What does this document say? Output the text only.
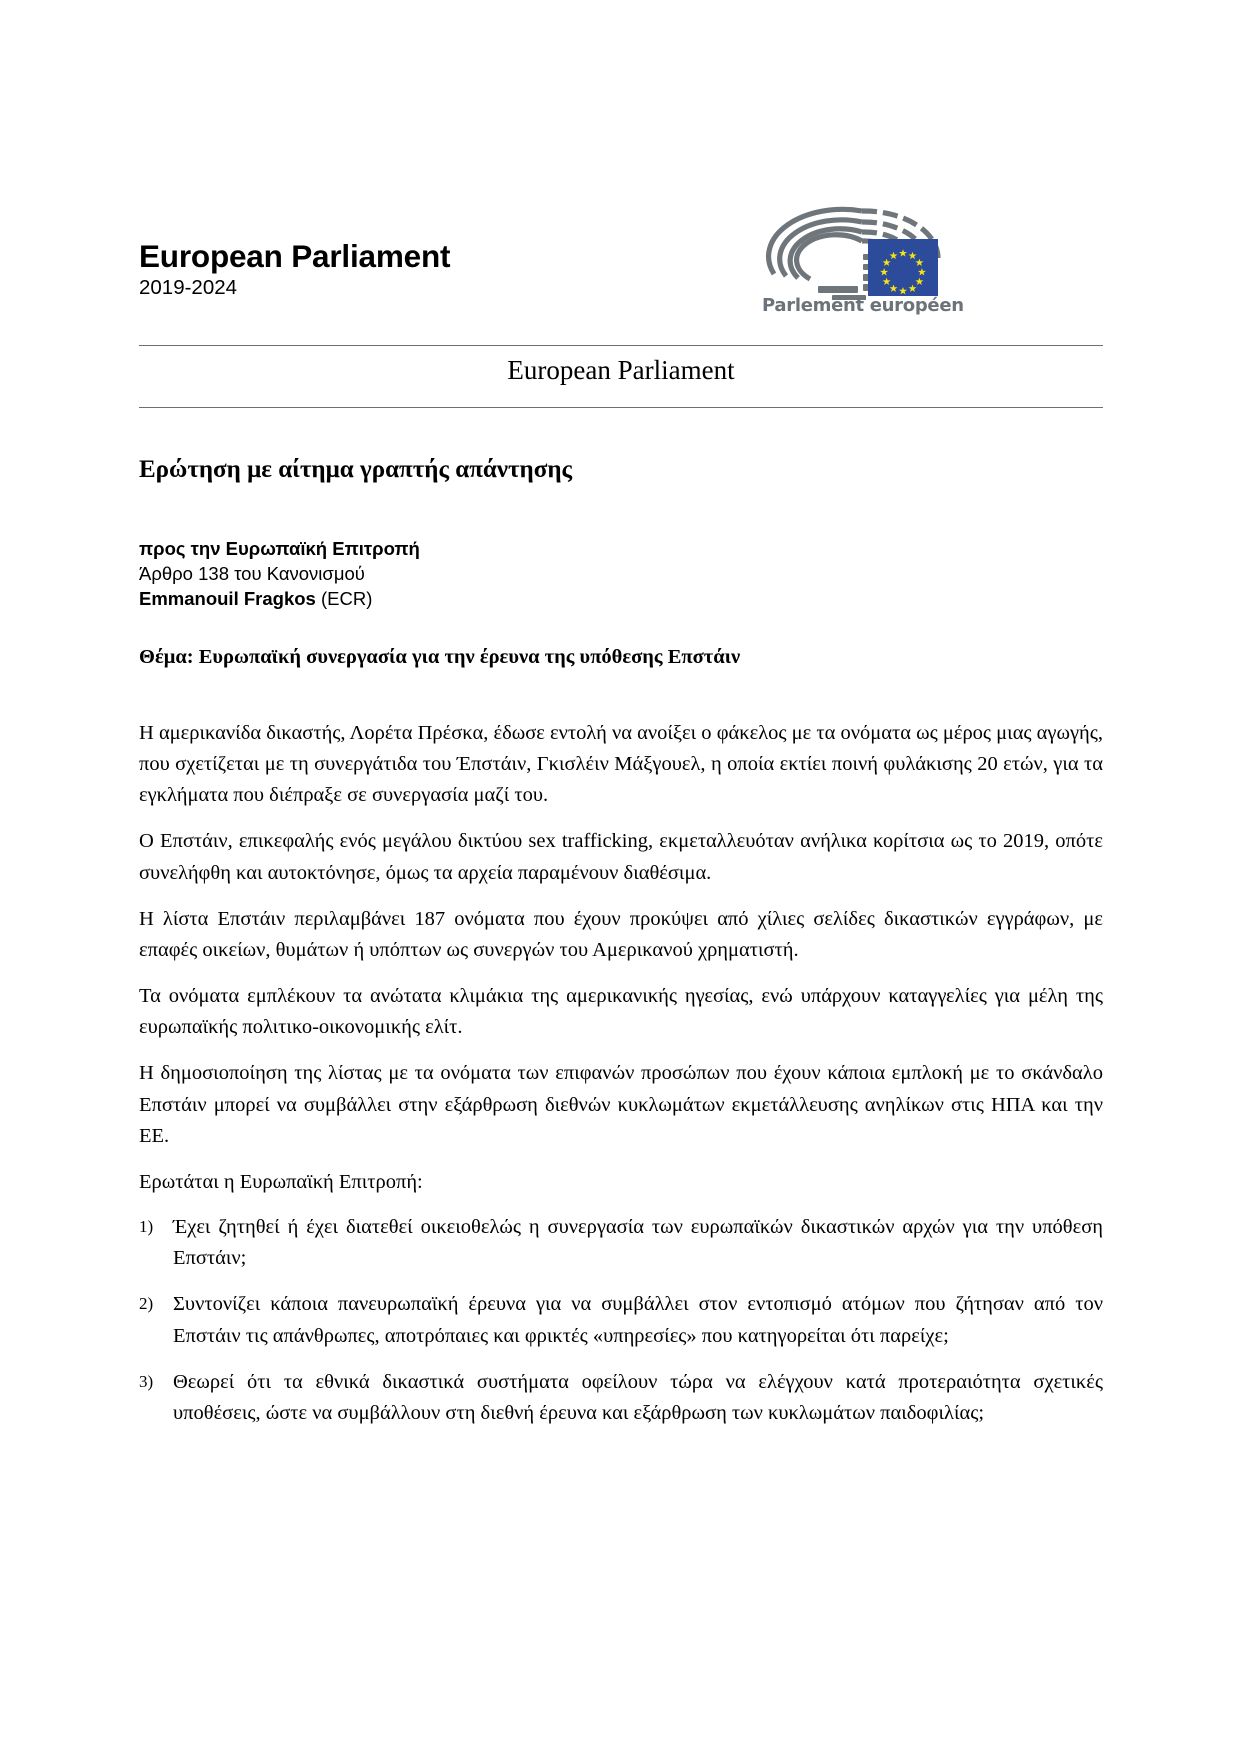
European Parliament
2019-2024
Parlement européen
European Parliament
Ερώτηση με αίτημα γραπτής απάντησης
προς την Ευρωπαϊκή Επιτροπή
Άρθρο 138 του Κανονισμού
Emmanouil Fragkos (ECR)
Θέμα: Ευρωπαϊκή συνεργασία για την έρευνα της υπόθεσης Επστάιν

Η αμερικανίδα δικαστής, Λορέτα Πρέσκα, έδωσε εντολή να ανοίξει ο φάκελος με τα ονόματα ως μέρος μιας αγωγής, που σχετίζεται με τη συνεργάτιδα του Έπστάιν, Γκισλέιν Μάξγουελ, η οποία εκτίει ποινή φυλάκισης 20 ετών, για τα εγκλήματα που διέπραξε σε συνεργασία μαζί του.

Ο Επστάιν, επικεφαλής ενός μεγάλου δικτύου sex trafficking, εκμεταλλευόταν ανήλικα κορίτσια ως το 2019, οπότε συνελήφθη και αυτοκτόνησε, όμως τα αρχεία παραμένουν διαθέσιμα.

Η λίστα Επστάιν περιλαμβάνει 187 ονόματα που έχουν προκύψει από χίλιες σελίδες δικαστικών εγγράφων, με επαφές οικείων, θυμάτων ή υπόπτων ως συνεργών του Αμερικανού χρηματιστή.

Τα ονόματα εμπλέκουν τα ανώτατα κλιμάκια της αμερικανικής ηγεσίας, ενώ υπάρχουν καταγγελίες για μέλη της ευρωπαϊκής πολιτικο-οικονομικής ελίτ.

Η δημοσιοποίηση της λίστας με τα ονόματα των επιφανών προσώπων που έχουν κάποια εμπλοκή με το σκάνδαλο Επστάιν μπορεί να συμβάλλει στην εξάρθρωση διεθνών κυκλωμάτων εκμετάλλευσης ανηλίκων στις ΗΠΑ και την ΕΕ.

Ερωτάται η Ευρωπαϊκή Επιτροπή:

Έχει ζητηθεί ή έχει διατεθεί οικειοθελώς η συνεργασία των ευρωπαϊκών δικαστικών αρχών για την υπόθεση Επστάιν;
Συντονίζει κάποια πανευρωπαϊκή έρευνα για να συμβάλλει στον εντοπισμό ατόμων που ζήτησαν από τον Επστάιν τις απάνθρωπες, αποτρόπαιες και φρικτές «υπηρεσίες» που κατηγορείται ότι παρείχε;
Θεωρεί ότι τα εθνικά δικαστικά συστήματα οφείλουν τώρα να ελέγχουν κατά προτεραιότητα σχετικές υποθέσεις, ώστε να συμβάλλουν στη διεθνή έρευνα και εξάρθρωση των κυκλωμάτων παιδοφιλίας;
